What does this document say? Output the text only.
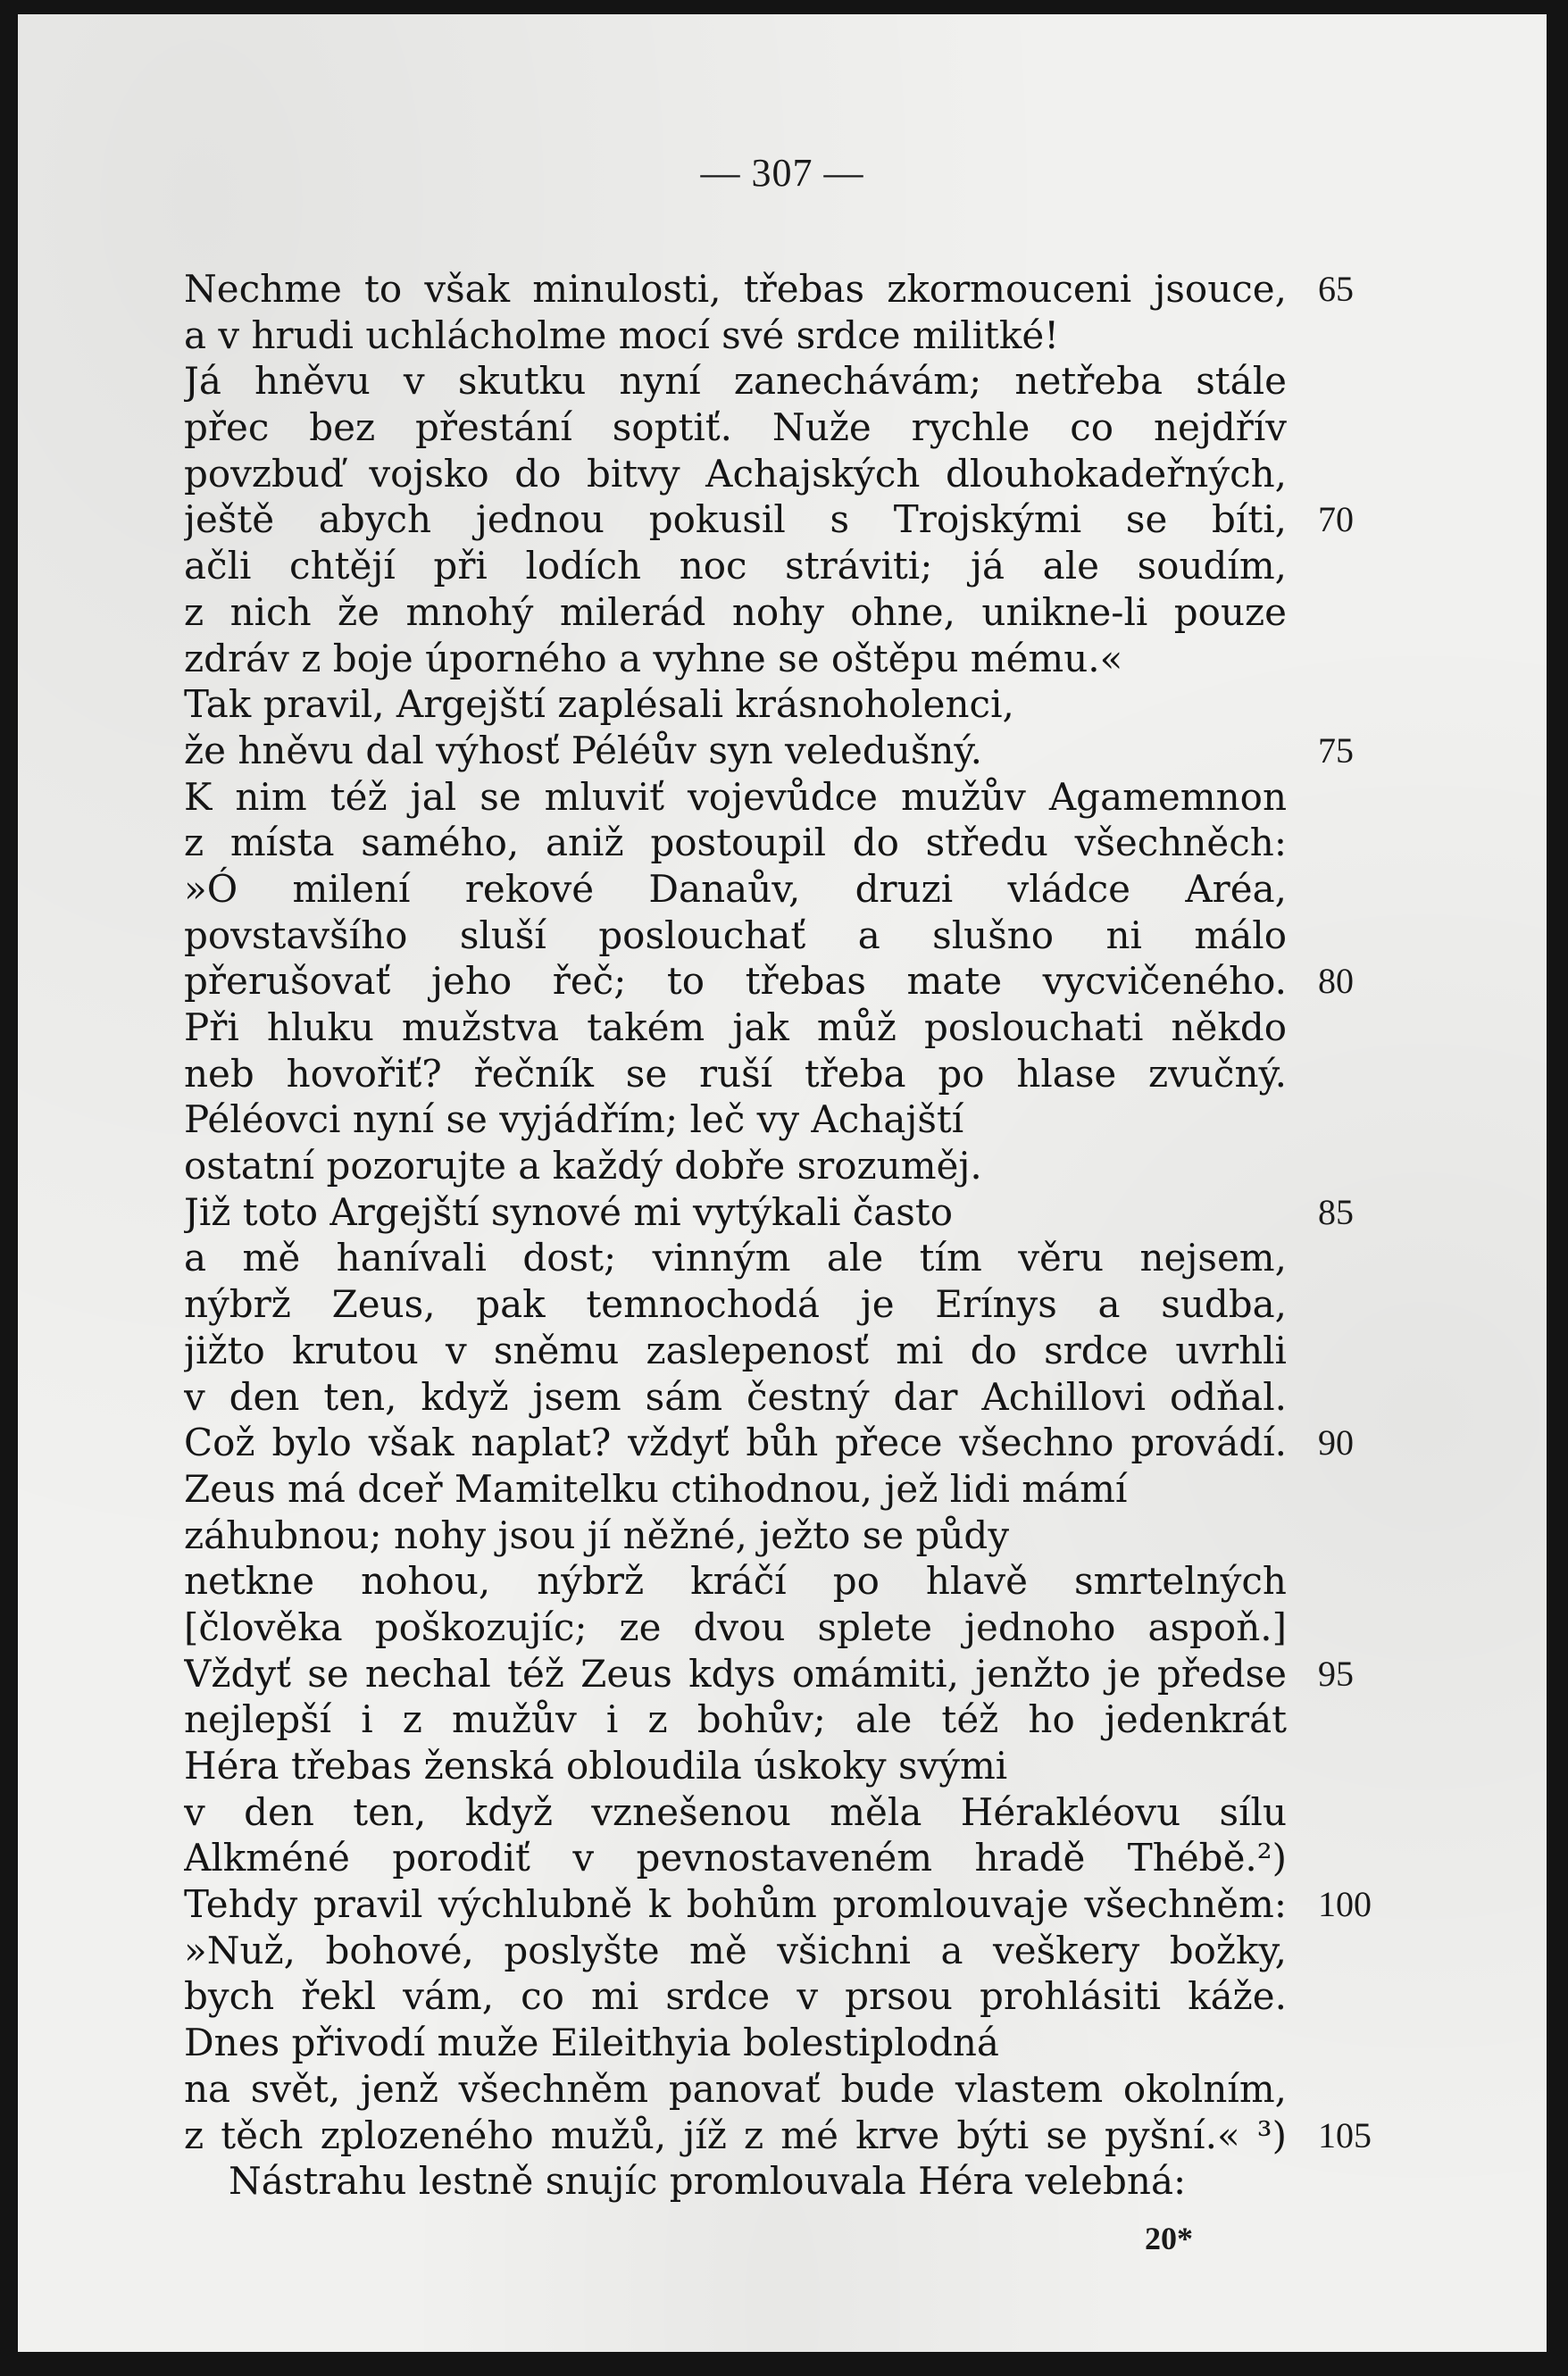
— 307 —
Nechme to však minulosti, třebas zkormouceni jsouce, 65
a v hrudi uchlácholme mocí své srdce militké!
Já hněvu v skutku nyní zanechávám; netřeba stále
přec bez přestání soptiť. Nuže rychle co nejdřív
povzbuď vojsko do bitvy Achajských dlouhokadeřných,
ještě abych jednou pokusil s Trojskými se bíti, 70
ačli chtějí při lodích noc stráviti; já ale soudím,
z nich že mnohý milerád nohy ohne, unikne-li pouze
zdráv z boje úporného a vyhne se oštěpu mému.«
Tak pravil, Argejští zaplésali krásnoholenci,
že hněvu dal výhosť Péléův syn veledušný.	75
K nim též jal se mluviť vojevůdce mužův Agamemnon
z místa samého, aniž postoupil do středu všechněch:
»Ó milení rekové Danaův, druzi vládce Aréa,
povstavšího sluší poslouchať a slušno ni málo
přerušovať jeho řeč; to třebas mate vycvičeného. 80
Při hluku mužstva takém jak můž poslouchati někdo
neb hovořiť? řečník se ruší třeba po hlase zvučný.
Péléovci nyní se vyjádřím; leč vy Achajští
ostatní pozorujte a každý dobře srozuměj.
Již toto Argejští synové mi vytýkali často	85
a mě hanívali dost; vinným ale tím věru nejsem,
nýbrž Zeus, pak temnochodá je Erínys a sudba,
jižto krutou v sněmu zaslepenosť mi do srdce uvrhli
v den ten, když jsem sám čestný dar Achillovi odňal.
Což bylo však naplat? vždyť bůh přece všechno provádí. 90
Zeus má dceř Mamitelku ctihodnou, jež lidi mámí
záhubnou; nohy jsou jí něžné, ježto se půdy
netkne nohou, nýbrž kráčí po hlavě smrtelných
[člověka poškozujíc; ze dvou splete jednoho aspoň.]
Vždyť se nechal též Zeus kdys omámiti, jenžto je předse 95
nejlepší i z mužův i z bohův; ale též ho jedenkrát
Héra třebas ženská obloudila úskoky svými
v den ten, když vznešenou měla Hérakléovu sílu
Alkméné porodiť v pevnostaveném hradě Thébě.²)
Tehdy pravil výchlubně k bohům promlouvaje všechněm: 100
»Nuž, bohové, poslyšte mě všichni a veškery božky,
bych řekl vám, co mi srdce v prsou prohlásiti káže.
Dnes přivodí muže Eileithyia bolestiplodná
na svět, jenž všechněm panovať bude vlastem okolním,
z těch zplozeného mužů, jíž z mé krve býti se pyšní.« ³) 105
Nástrahu lestně snujíc promlouvala Héra velebná:
20*
